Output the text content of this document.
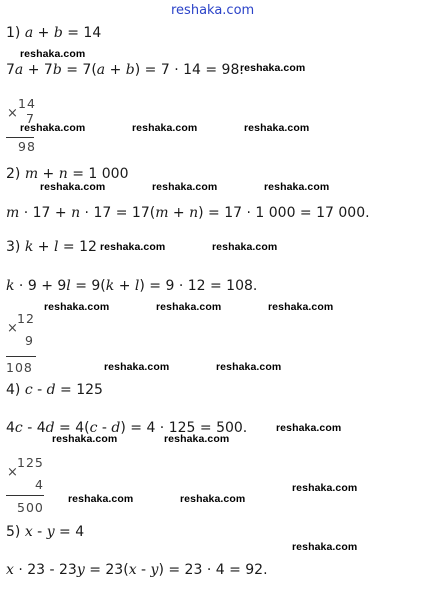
reshaka.com
1) a + b = 14
7a + 7b = 7(a + b) = 7 · 14 = 98.
14
× 7
98
2) m + n = 1 000
m · 17 + n · 17 = 17(m + n) = 17 · 1 000 = 17 000.
3) k + l = 12
k · 9 + 9l = 9(k + l) = 9 · 12 = 108.
12
×
9
108
4) c - d = 125
4c - 4d = 4(c - d) = 4 · 125 = 500.
125
×
4
500
5) x - y = 4
x · 23 - 23y = 23(x - y) = 23 · 4 = 92.
reshaka.com
reshaka.com
reshaka.com	reshaka.com	reshaka.com
reshaka.com	reshaka.com	reshaka.com
reshaka.com	reshaka.com
reshaka.com	reshaka.com	reshaka.com
reshaka.com	reshaka.com
reshaka.com
reshaka.com	reshaka.com
reshaka.com
reshaka.com	reshaka.com
reshaka.com
